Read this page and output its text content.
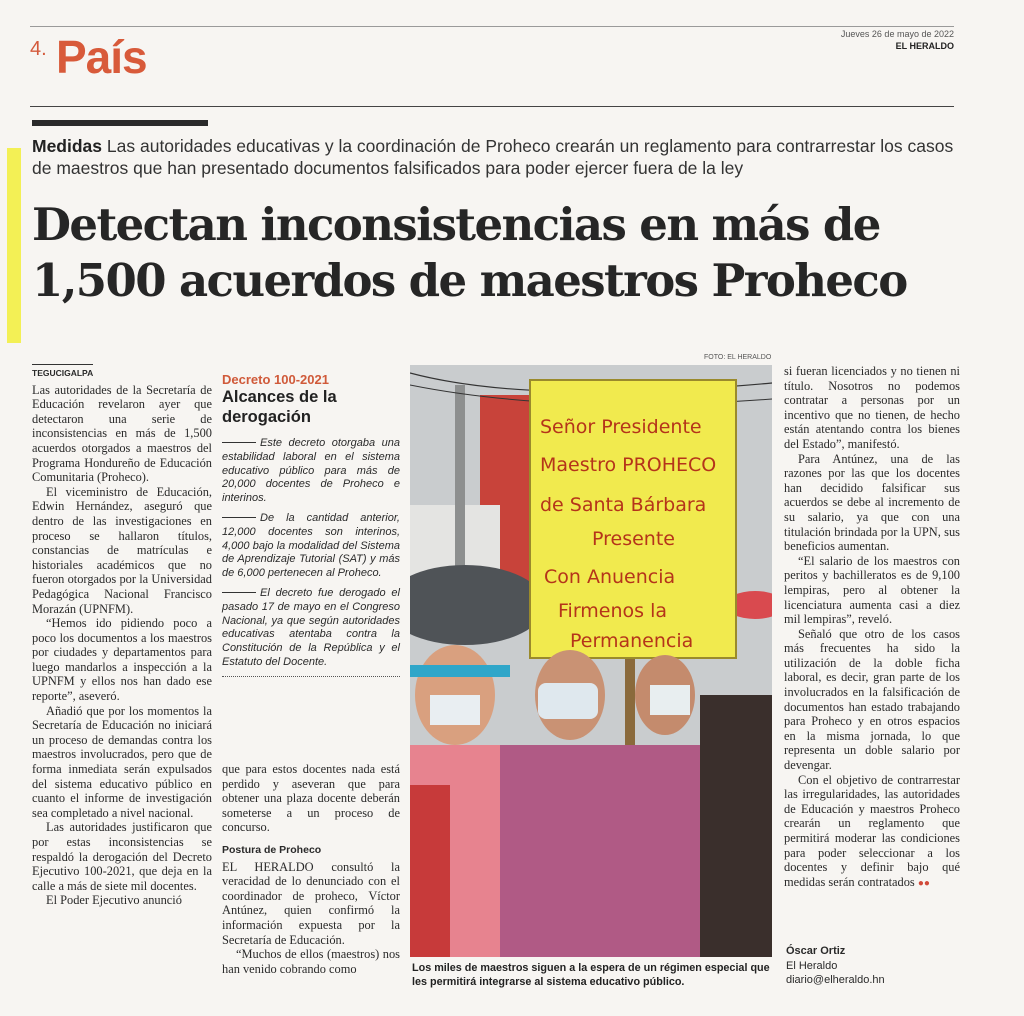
4. País	Jueves 26 de mayo de 2022
EL HERALDO
Medidas Las autoridades educativas y la coordinación de Proheco crearán un reglamento para contrarrestar los casos de maestros que han presentado documentos falsificados para poder ejercer fuera de la ley
Detectan inconsistencias en más de 1,500 acuerdos de maestros Proheco
TEGUCIGALPA

Las autoridades de la Secretaría de Educación revelaron ayer que detectaron una serie de inconsistencias en más de 1,500 acuerdos otorgados a maestros del Programa Hondureño de Educación Comunitaria (Proheco).

El viceministro de Educación, Edwin Hernández, aseguró que dentro de las investigaciones en proceso se hallaron títulos, constancias de matrículas e historiales académicos que no fueron otorgados por la Universidad Pedagógica Nacional Francisco Morazán (UPNFM).

“Hemos ido pidiendo poco a poco los documentos a los maestros por ciudades y departamentos para luego mandarlos a inspección a la UPNFM y ellos nos han dado ese reporte”, aseveró.

Añadió que por los momentos la Secretaría de Educación no iniciará un proceso de demandas contra los maestros involucrados, pero que de forma inmediata serán expulsados del sistema educativo público en cuanto el informe de investigación sea completado a nivel nacional.

Las autoridades justificaron que por estas inconsistencias se respaldó la derogación del Decreto Ejecutivo 100-2021, que deja en la calle a más de siete mil docentes.

El Poder Ejecutivo anunció

Decreto 100-2021
Alcances de la derogación
Este decreto otorgaba una estabilidad laboral en el sistema educativo público para más de 20,000 docentes de Proheco e interinos.
De la cantidad anterior, 12,000 docentes son interinos, 4,000 bajo la modalidad del Sistema de Aprendizaje Tutorial (SAT) y más de 6,000 pertenecen al Proheco.
El decreto fue derogado el pasado 17 de mayo en el Congreso Nacional, ya que según autoridades educativas atentaba contra la Constitución de la República y el Estatuto del Docente.

que para estos docentes nada está perdido y aseveran que para obtener una plaza docente deberán someterse a un proceso de concurso.

Postura de Proheco

EL HERALDO consultó la veracidad de lo denunciado con el coordinador de proheco, Víctor Antúnez, quien confirmó la información expuesta por la Secretaría de Educación.

“Muchos de ellos (maestros) nos han venido cobrando como

FOTO: EL HERALDO
Señor Presidente
Maestro PROHECO
de Santa Bárbara
Presente
Con Anuencia
Firmenos la
Permanencia
Los miles de maestros siguen a la espera de un régimen especial que les permitirá integrarse al sistema educativo público.

si fueran licenciados y no tienen ni título. Nosotros no podemos contratar a personas por un incentivo que no tienen, de hecho están atentando contra los bienes del Estado”, manifestó.

Para Antúnez, una de las razones por las que los docentes han decidido falsificar sus acuerdos se debe al incremento de su salario, ya que con una titulación brindada por la UPN, sus beneficios aumentan.

“El salario de los maestros con peritos y bachilleratos es de 9,100 lempiras, pero al obtener la licenciatura aumenta casi a diez mil lempiras”, reveló.

Señaló que otro de los casos más frecuentes ha sido la utilización de la doble ficha laboral, es decir, gran parte de los involucrados en la falsificación de documentos han estado trabajando para Proheco y en otros espacios en la misma jornada, lo que representa un doble salario por devengar.

Con el objetivo de contrarrestar las irregularidades, las autoridades de Educación y maestros Proheco crearán un reglamento que permitirá moderar las condiciones para poder seleccionar a los docentes y definir bajo qué medidas serán contratados ●●

Óscar Ortiz
El Heraldo
diario@elheraldo.hn
